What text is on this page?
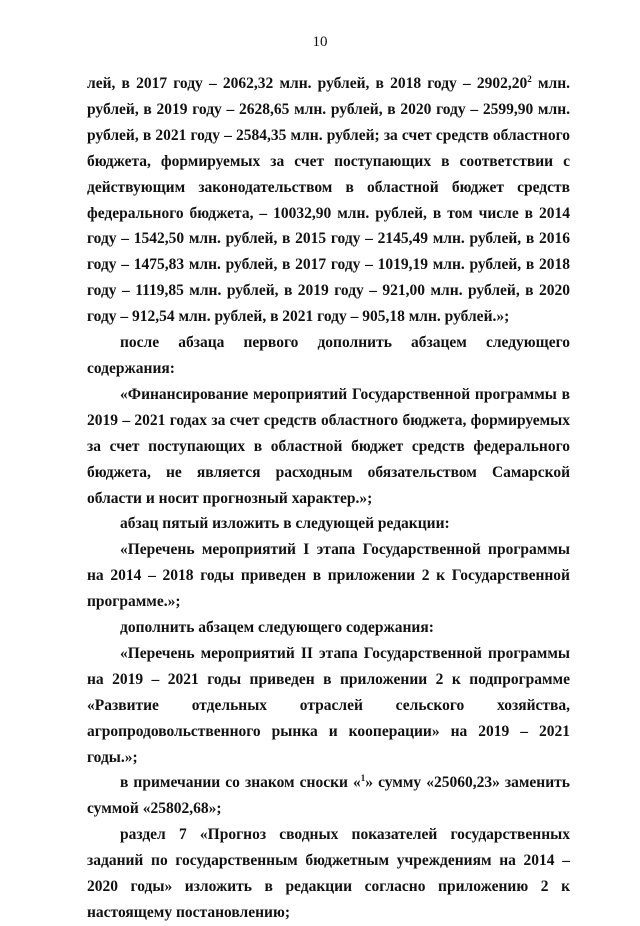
10

лей, в 2017 году – 2062,32 млн. рублей, в 2018 году – 2902,20$^2$ млн. рублей, в 2019 году – 2628,65 млн. рублей, в 2020 году – 2599,90 млн. рублей, в 2021 году – 2584,35 млн. рублей; за счет средств областного бюджета, формируемых за счет поступающих в соответствии с действующим законодательством в областной бюджет средств федерального бюджета, – 10032,90 млн. рублей, в том числе в 2014 году – 1542,50 млн. рублей, в 2015 году – 2145,49 млн. рублей, в 2016 году – 1475,83 млн. рублей, в 2017 году – 1019,19 млн. рублей, в 2018 году – 1119,85 млн. рублей, в 2019 году – 921,00 млн. рублей, в 2020 году – 912,54 млн. рублей, в 2021 году – 905,18 млн. рублей.»;

после абзаца первого дополнить абзацем следующего содержания:

«Финансирование мероприятий Государственной программы в 2019 – 2021 годах за счет средств областного бюджета, формируемых за счет поступающих в областной бюджет средств федерального бюджета, не является расходным обязательством Самарской области и носит прогнозный характер.»;

абзац пятый изложить в следующей редакции:

«Перечень мероприятий I этапа Государственной программы на 2014 – 2018 годы приведен в приложении 2 к Государственной программе.»;

дополнить абзацем следующего содержания:

«Перечень мероприятий II этапа Государственной программы на 2019 – 2021 годы приведен в приложении 2 к подпрограмме «Развитие отдельных отраслей сельского хозяйства, агропродовольственного рынка и кооперации» на 2019 – 2021 годы.»;

в примечании со знаком сноски «$^1$» сумму «25060,23» заменить суммой «25802,68»;

раздел 7 «Прогноз сводных показателей государственных заданий по государственным бюджетным учреждениям на 2014 – 2020 годы» изложить в редакции согласно приложению 2 к настоящему постановлению;
